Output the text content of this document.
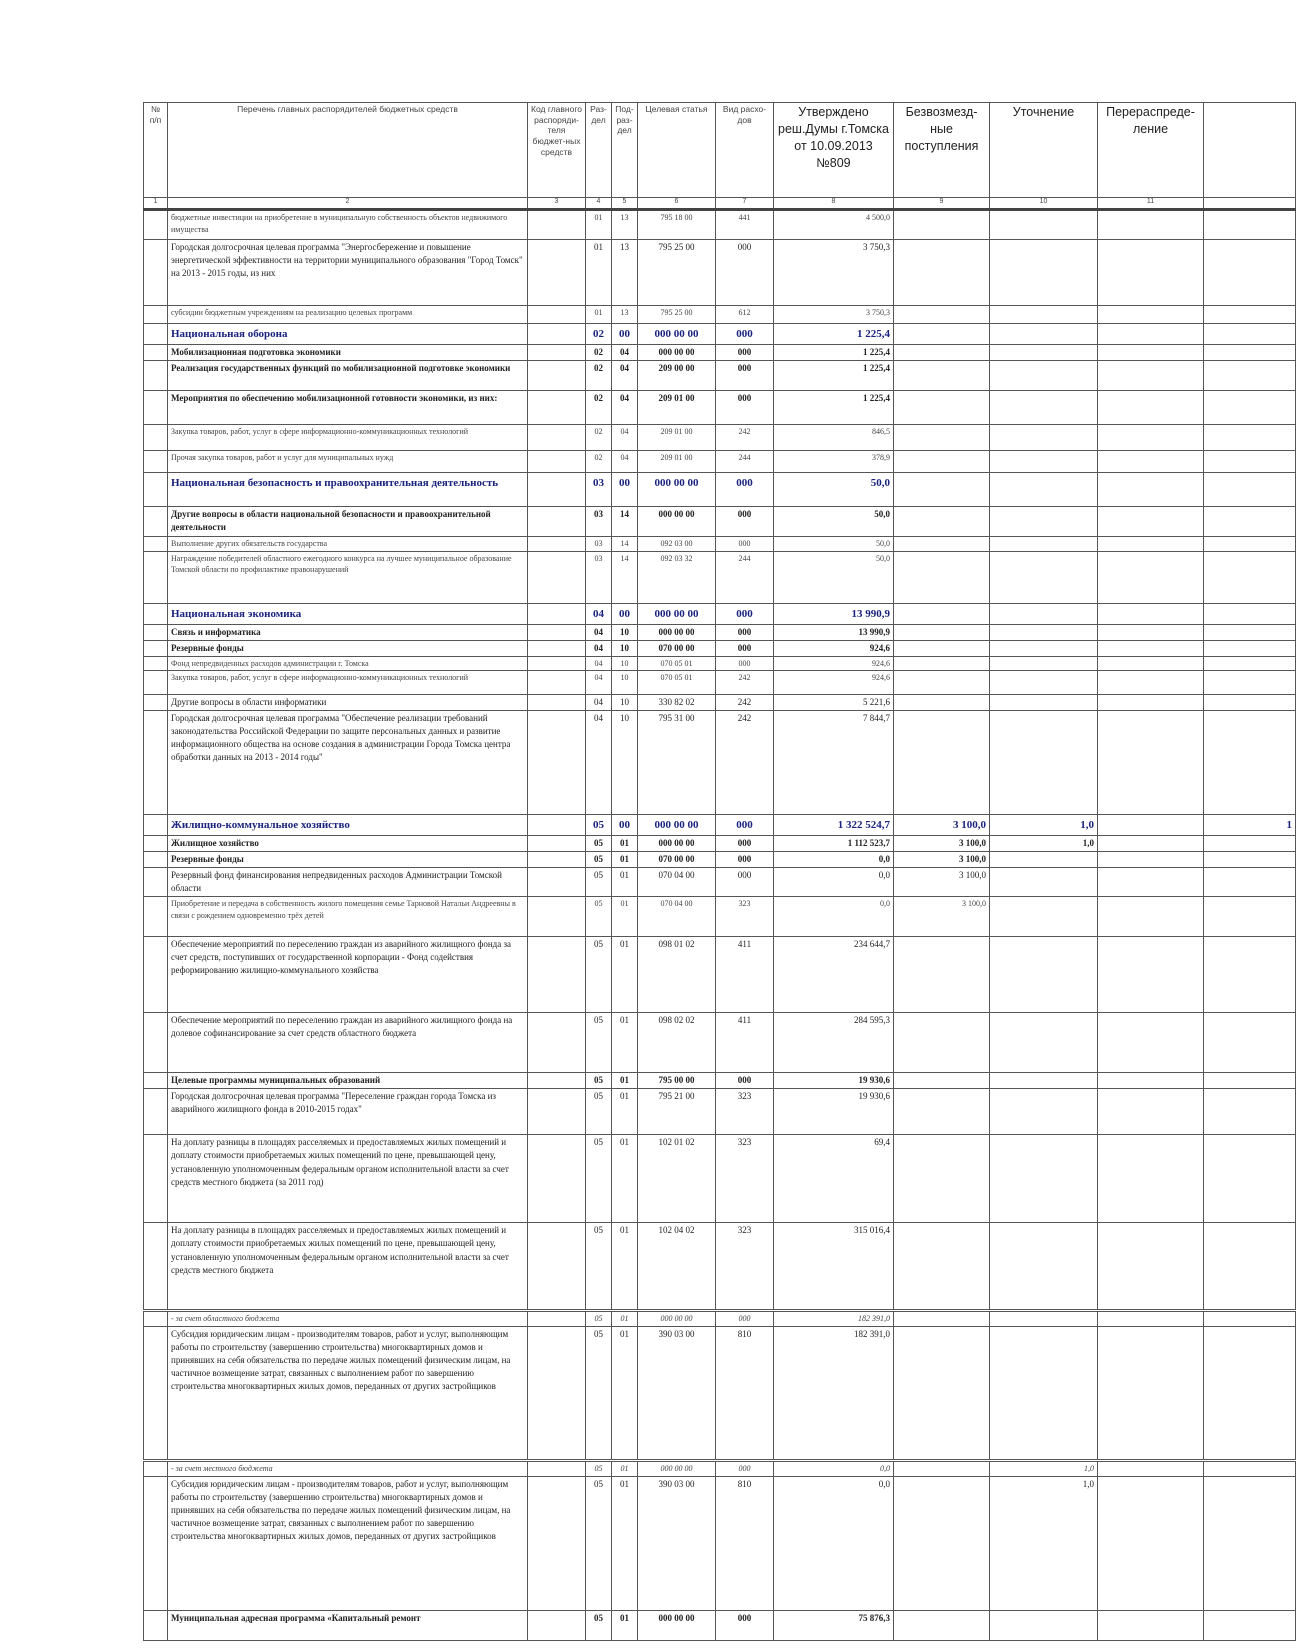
№ п/п	Перечень главных распорядителей бюджетных средств	Код главного распоряди-теля бюджет-ных средств	Раз-дел	Под-раз-дел	Целевая статья	Вид расхо-дов	Утверждено реш.Думы г.Томска от 10.09.2013 №809	Безвозмезд-ные поступления	Уточнение	Перераспреде-ление	
1	2	3	4	5	6	7	8	9	10	11	
	бюджетные инвестиции на приобретение в муниципальную собственность объектов недвижимого имущества		01	13	795 18 00	441	4 500,0				
	Городская долгосрочная целевая программа "Энергосбережение и повышение энергетической эффективности на территории муниципального образования "Город Томск" на 2013 - 2015 годы, из них		01	13	795 25 00	000	3 750,3				
	субсидии бюджетным учреждениям на реализацию целевых программ		01	13	795 25 00	612	3 750,3				
	Национальная оборона		02	00	000 00 00	000	1 225,4				
	Мобилизационная подготовка экономики		02	04	000 00 00	000	1 225,4				
	Реализация государственных функций по мобилизационной подготовке экономики		02	04	209 00 00	000	1 225,4				
	Мероприятия по обеспечению мобилизационной готовности экономики, из них:		02	04	209 01 00	000	1 225,4				
	Закупка товаров, работ, услуг в сфере информационно-коммуникационных технологий		02	04	209 01 00	242	846,5				
	Прочая закупка товаров, работ и услуг для муниципальных нужд		02	04	209 01 00	244	378,9				
	Национальная безопасность и правоохранительная деятельность		03	00	000 00 00	000	50,0				
	Другие вопросы в области национальной безопасности и правоохранительной деятельности		03	14	000 00 00	000	50,0				
	Выполнение других обязательств государства		03	14	092 03 00	000	50,0				
	Награждение победителей областного ежегодного конкурса на лучшее муниципальное образование Томской области по профилактике правонарушений		03	14	092 03 32	244	50,0				
	Национальная экономика		04	00	000 00 00	000	13 990,9				
	Связь и информатика		04	10	000 00 00	000	13 990,9				
	Резервные фонды		04	10	070 00 00	000	924,6				
	Фонд непредвиденных расходов администрации г. Томска		04	10	070 05 01	000	924,6				
	Закупка товаров, работ, услуг в сфере информационно-коммуникационных технологий		04	10	070 05 01	242	924,6				
	Другие вопросы в области информатики		04	10	330 82 02	242	5 221,6				
	Городская долгосрочная целевая программа "Обеспечение реализации требований законодательства Российской Федерации по защите персональных данных и развитие информационного общества на основе создания в администрации Города Томска центра обработки данных на 2013 - 2014 годы"		04	10	795 31 00	242	7 844,7				
	Жилищно-коммунальное хозяйство		05	00	000 00 00	000	1 322 524,7	3 100,0	1,0		1
	Жилищное хозяйство		05	01	000 00 00	000	1 112 523,7	3 100,0	1,0		
	Резервные фонды		05	01	070 00 00	000	0,0	3 100,0			
	Резервный фонд финансирования непредвиденных расходов Администрации Томской области		05	01	070 04 00	000	0,0	3 100,0			
	Приобретение и передача в собственность жилого помещения семье Тарновой Натальи Андреевны в связи с рождением одновременно трёх детей		05	01	070 04 00	323	0,0	3 100,0			
	Обеспечение мероприятий по переселению граждан из аварийного жилищного фонда за счет средств, поступивших от государственной корпорации - Фонд содействия реформированию жилищно-коммунального хозяйства		05	01	098 01 02	411	234 644,7				
	Обеспечение мероприятий по переселению граждан из аварийного жилищного фонда на долевое софинансирование за счет средств областного бюджета		05	01	098 02 02	411	284 595,3				
	Целевые программы муниципальных образований		05	01	795 00 00	000	19 930,6				
	Городская долгосрочная целевая программа "Переселение граждан города Томска из аварийного жилищного фонда в 2010-2015 годах"		05	01	795 21 00	323	19 930,6				
	На доплату разницы в площадях расселяемых и предоставляемых жилых помещений и доплату стоимости приобретаемых жилых помещений по цене, превышающей цену, установленную уполномоченным федеральным органом исполнительной власти за счет средств местного бюджета (за 2011 год)		05	01	102 01 02	323	69,4				
	На доплату разницы в площадях расселяемых и предоставляемых жилых помещений и доплату стоимости приобретаемых жилых помещений по цене, превышающей цену, установленную уполномоченным федеральным органом исполнительной власти за счет средств местного бюджета		05	01	102 04 02	323	315 016,4				
	- за счет областного бюджета		05	01	000 00 00	000	182 391,0				
	Субсидия юридическим лицам - производителям товаров, работ и услуг, выполняющим работы по строительству (завершению строительства) многоквартирных домов и принявших на себя обязательства по передаче жилых помещений физическим лицам, на частичное возмещение затрат, связанных с выполнением работ по завершению строительства многоквартирных жилых домов, переданных от других застройщиков		05	01	390 03 00	810	182 391,0				
	- за счет местного бюджета		05	01	000 00 00	000	0,0		1,0		
	Субсидия юридическим лицам - производителям товаров, работ и услуг, выполняющим работы по строительству (завершению строительства) многоквартирных домов и принявших на себя обязательства по передаче жилых помещений физическим лицам, на частичное возмещение затрат, связанных с выполнением работ по завершению строительства многоквартирных жилых домов, переданных от других застройщиков		05	01	390 03 00	810	0,0		1,0		
	Муниципальная адресная программа «Капитальный ремонт		05	01	000 00 00	000	75 876,3				
